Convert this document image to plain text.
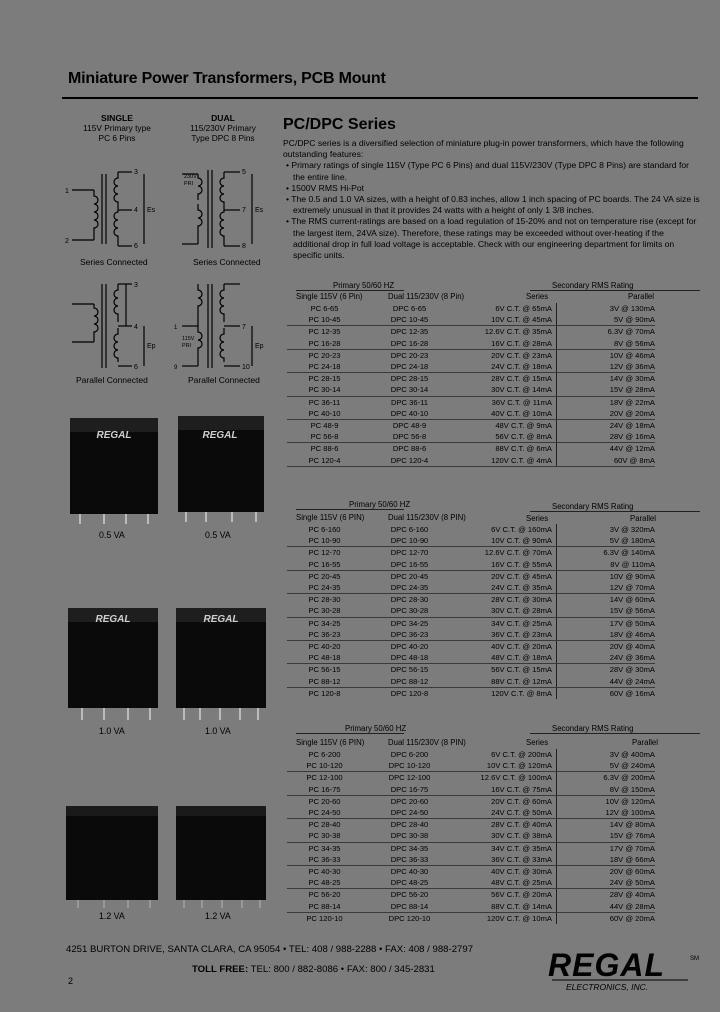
Miniature Power Transformers, PCB Mount
SINGLE
115V Primary type
PC 6 Pins
DUAL
115/230V Primary
Type DPC 8 Pins
1
2
3
4
6
Es
230V
PRI
5
7
8
Es
Series Connected	Series Connected
3
4
6
Ep
1
9
115V
PRI
7
10
Ep
Parallel Connected	Parallel Connected
REGAL	REGAL
0.5 VA	0.5 VA
REGAL	REGAL
1.0 VA	1.0 VA
1.2 VA	1.2 VA
PC/DPC Series

PC/DPC series is a diversified selection of miniature plug-in power transformers, which have the following outstanding features:

• Primary ratings of single 115V (Type PC 6 Pins) and dual 115V/230V (Type DPC 8 Pins) are standard for the entire line.

• 1500V RMS Hi-Pot

• The 0.5 and 1.0 VA sizes, with a height of 0.83 inches, allow 1 inch spacing of PC boards. The 24 VA size is extremely unusual in that it provides 24 watts with a height of only 1 3/8 inches.

• The RMS current-ratings are based on a load regulation of 15-20% and not on temperature rise (except for the largest item, 24VA size). Therefore, these ratings may be exceeded without over-heating if the additional drop in full load voltage is acceptable. Check with our engineering department for limits on specific units.

Primary 50/60 HZ	Secondary RMS Rating
Single 115V (6 Pin)	Dual 115/230V (8 Pin)	Series	Parallel
PC 6-65	DPC 6-65	6V C.T. @ 65mA	3V @ 130mA
PC 10-45	DPC 10-45	10V C.T. @ 45mA	5V @ 90mA
PC 12-35	DPC 12-35	12.6V C.T. @ 35mA	6.3V @ 70mA
PC 16-28	DPC 16-28	16V C.T. @ 28mA	8V @ 56mA
PC 20-23	DPC 20-23	20V C.T. @ 23mA	10V @ 46mA
PC 24-18	DPC 24-18	24V C.T. @ 18mA	12V @ 36mA
PC 28-15	DPC 28-15	28V C.T. @ 15mA	14V @ 30mA
PC 30-14	DPC 30-14	30V C.T. @ 14mA	15V @ 28mA
PC 36-11	DPC 36-11	36V C.T. @ 11mA	18V @ 22mA
PC 40-10	DPC 40-10	40V C.T. @ 10mA	20V @ 20mA
PC 48-9	DPC 48-9	48V C.T. @ 9mA	24V @ 18mA
PC 56-8	DPC 56-8	56V C.T. @ 8mA	28V @ 16mA
PC 88-6	DPC 88-6	88V C.T. @ 6mA	44V @ 12mA
PC 120-4	DPC 120-4	120V C.T. @ 4mA	60V @ 8mA
Primary 50/60 HZ	Secondary RMS Rating
Single 115V (6 PIN)	Dual 115/230V (8 PIN)	Series	Parallel
PC 6-160	DPC 6-160	6V C.T. @ 160mA	3V @ 320mA
PC 10-90	DPC 10-90	10V C.T. @ 90mA	5V @ 180mA
PC 12-70	DPC 12-70	12.6V C.T. @ 70mA	6.3V @ 140mA
PC 16-55	DPC 16-55	16V C.T. @ 55mA	8V @ 110mA
PC 20-45	DPC 20-45	20V C.T. @ 45mA	10V @ 90mA
PC 24-35	DPC 24-35	24V C.T. @ 35mA	12V @ 70mA
PC 28-30	DPC 28-30	28V C.T. @ 30mA	14V @ 60mA
PC 30-28	DPC 30-28	30V C.T. @ 28mA	15V @ 56mA
PC 34-25	DPC 34-25	34V C.T. @ 25mA	17V @ 50mA
PC 36-23	DPC 36-23	36V C.T. @ 23mA	18V @ 46mA
PC 40-20	DPC 40-20	40V C.T. @ 20mA	20V @ 40mA
PC 48-18	DPC 48-18	48V C.T. @ 18mA	24V @ 36mA
PC 56-15	DPC 56-15	56V C.T. @ 15mA	28V @ 30mA
PC 88-12	DPC 88-12	88V C.T. @ 12mA	44V @ 24mA
PC 120-8	DPC 120-8	120V C.T. @ 8mA	60V @ 16mA
Primary 50/60 HZ	Secondary RMS Rating
Single 115V (6 PIN)	Dual 115/230V (8 PIN)	Series	Parallel
PC 6-200	DPC 6-200	6V C.T. @ 200mA	3V @ 400mA
PC 10-120	DPC 10-120	10V C.T. @ 120mA	5V @ 240mA
PC 12-100	DPC 12-100	12.6V C.T. @ 100mA	6.3V @ 200mA
PC 16-75	DPC 16-75	16V C.T. @ 75mA	8V @ 150mA
PC 20-60	DPC 20-60	20V C.T. @ 60mA	10V @ 120mA
PC 24-50	DPC 24-50	24V C.T. @ 50mA	12V @ 100mA
PC 28-40	DPC 28-40	28V C.T. @ 40mA	14V @ 80mA
PC 30-38	DPC 30-38	30V C.T. @ 38mA	15V @ 76mA
PC 34-35	DPC 34-35	34V C.T. @ 35mA	17V @ 70mA
PC 36-33	DPC 36-33	36V C.T. @ 33mA	18V @ 66mA
PC 40-30	DPC 40-30	40V C.T. @ 30mA	20V @ 60mA
PC 48-25	DPC 48-25	48V C.T. @ 25mA	24V @ 50mA
PC 56-20	DPC 56-20	56V C.T. @ 20mA	28V @ 40mA
PC 88-14	DPC 88-14	88V C.T. @ 14mA	44V @ 28mA
PC 120-10	DPC 120-10	120V C.T. @ 10mA	60V @ 20mA
4251 BURTON DRIVE, SANTA CLARA, CA 95054 • TEL: 408 / 988-2288 • FAX: 408 / 988-2797
TOLL FREE: TEL: 800 / 882-8086 • FAX: 800 / 345-2831
2	REGAL	SM
ELECTRONICS, INC.
